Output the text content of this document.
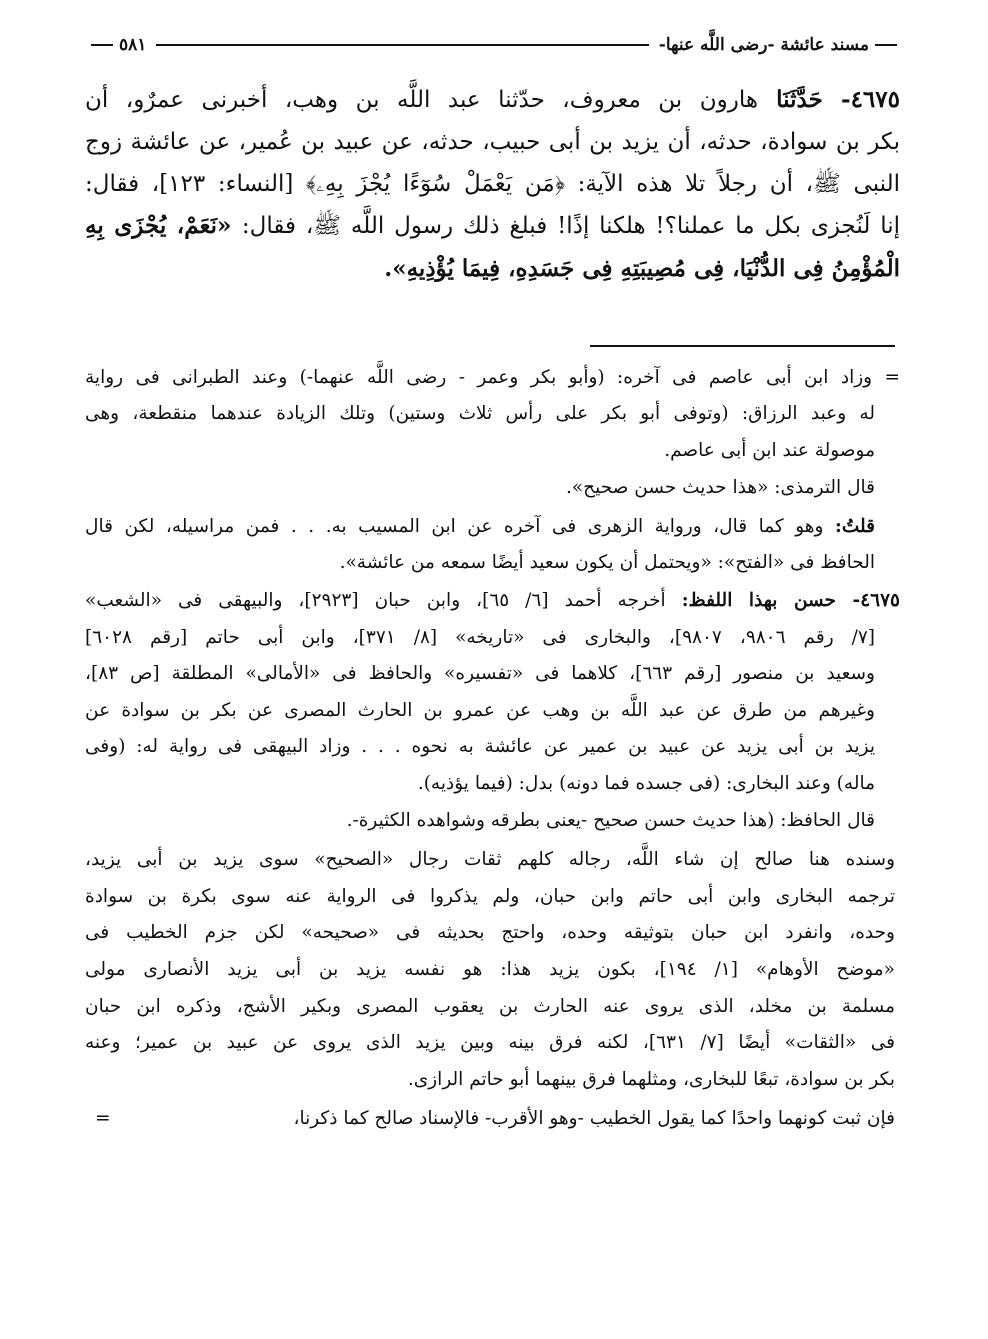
مسند عائشة -رضى اللَّه عنها-
٥٨١
٤٦٧٥- حَدَّثَنَا هارون بن معروف، حدّثنا عبد اللَّه بن وهب، أخبرنى عمرٌو، أن
بكر بن سوادة، حدثه، أن يزيد بن أبى حبيب، حدثه، عن عبيد بن عُمير، عن عائشة زوج
النبى ﷺ، أن رجلاً تلا هذه الآية: ﴿مَن يَعْمَلْ سُوٓءًا يُجْزَ بِهِۦ﴾ [النساء: ١٢٣]، فقال:
إنا لَنُجزى بكل ما عملنا؟! هلكنا إذًا! فبلغ ذلك رسول اللَّه ﷺ، فقال: «نَعَمْ، يُجْزَى بِهِ
الْمُؤْمِنُ فِى الدُّنْيَا، فِى مُصِيبَتِهِ فِى جَسَدِهِ، فِيمَا يُؤْذِيهِ».
= وزاد ابن أبى عاصم فى آخره: (وأبو بكر وعمر - رضى اللَّه عنهما-) وعند الطبرانى فى رواية
له وعبد الرزاق: (وتوفى أبو بكر على رأس ثلاث وستين) وتلك الزيادة عندهما منقطعة، وهى
موصولة عند ابن أبى عاصم.
قال الترمذى: «هذا حديث حسن صحيح».
قلتُ: وهو كما قال، ورواية الزهرى فى آخره عن ابن المسيب به. . . فمن مراسيله، لكن قال
الحافظ فى «الفتح»: «ويحتمل أن يكون سعيد أيضًا سمعه من عائشة».
٤٦٧٥- حسن بهذا اللفظ: أخرجه أحمد [٦/ ٦٥]، وابن حبان [٢٩٢٣]، والبيهقى فى «الشعب»
[٧/ رقم ٩٨٠٦، ٩٨٠٧]، والبخارى فى «تاريخه» [٨/ ٣٧١]، وابن أبى حاتم [رقم ٦٠٢٨]
وسعيد بن منصور [رقم ٦٦٣]، كلاهما فى «تفسيره» والحافظ فى «الأمالى» المطلقة [ص ٨٣]،
وغيرهم من طرق عن عبد اللَّه بن وهب عن عمرو بن الحارث المصرى عن بكر بن سوادة عن
يزيد بن أبى يزيد عن عبيد بن عمير عن عائشة به نحوه . . . وزاد البيهقى فى رواية له: (وفى
ماله) وعند البخارى: (فى جسده فما دونه) بدل: (فيما يؤذيه).
قال الحافظ: (هذا حديث حسن صحيح -يعنى بطرقه وشواهده الكثيرة-.
وسنده هنا صالح إن شاء اللَّه، رجاله كلهم ثقات رجال «الصحيح» سوى يزيد بن أبى يزيد،
ترجمه البخارى وابن أبى حاتم وابن حبان، ولم يذكروا فى الرواية عنه سوى بكرة بن سوادة
وحده، وانفرد ابن حبان بتوثيقه وحده، واحتج بحديثه فى «صحيحه» لكن جزم الخطيب فى
«موضح الأوهام» [١/ ١٩٤]، بكون يزيد هذا: هو نفسه يزيد بن أبى يزيد الأنصارى مولى
مسلمة بن مخلد، الذى يروى عنه الحارث بن يعقوب المصرى وبكير الأشج، وذكره ابن حبان
فى «الثقات» أيضًا [٧/ ٦٣١]، لكنه فرق بينه وبين يزيد الذى يروى عن عبيد بن عمير؛ وعنه
بكر بن سوادة، تبعًا للبخارى، ومثلهما فرق بينهما أبو حاتم الرازى.
فإن ثبت كونهما واحدًا كما يقول الخطيب -وهو الأقرب- فالإسناد صالح كما ذكرنا،
=
